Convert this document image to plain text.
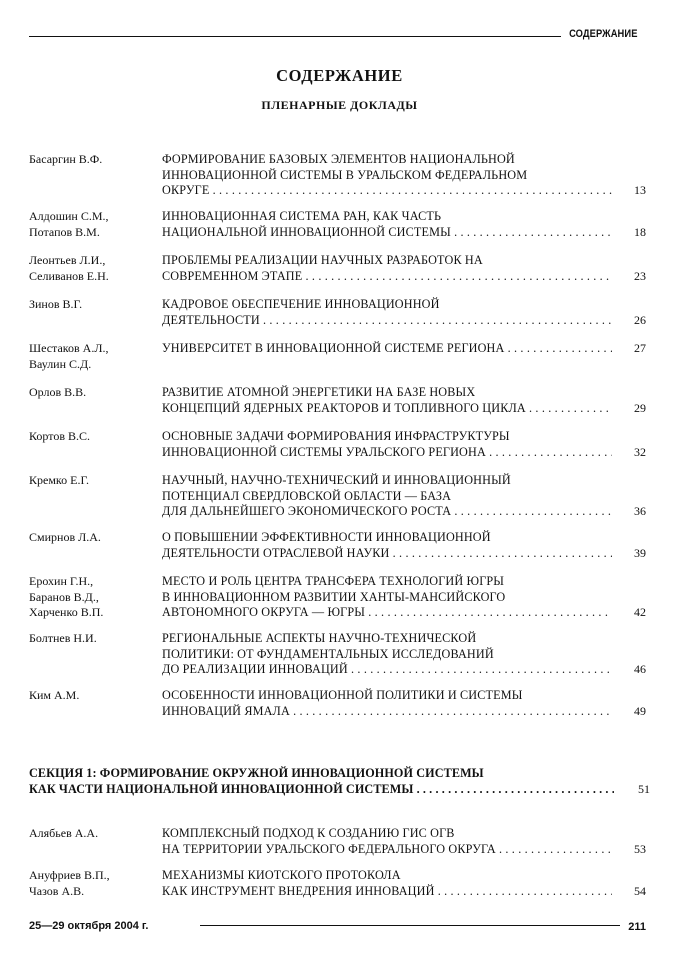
СОДЕРЖАНИЕ
СОДЕРЖАНИЕ
ПЛЕНАРНЫЕ ДОКЛАДЫ
Басаргин В.Ф.	ФОРМИРОВАНИЕ БАЗОВЫХ ЭЛЕМЕНТОВ НАЦИОНАЛЬНОЙ
ИННОВАЦИОННОЙ СИСТЕМЫ В УРАЛЬСКОМ ФЕДЕРАЛЬНОМ
ОКРУГЕ . . .	13
Алдошин С.М.,
Потапов В.М.
ИННОВАЦИОННАЯ СИСТЕМА РАН, КАК ЧАСТЬ
НАЦИОНАЛЬНОЙ ИННОВАЦИОННОЙ СИСТЕМЫ . . .	18
Леонтьев Л.И.,
Селиванов Е.Н.
ПРОБЛЕМЫ РЕАЛИЗАЦИИ НАУЧНЫХ РАЗРАБОТОК НА
СОВРЕМЕННОМ ЭТАПЕ . . .	23
Зинов В.Г.	КАДРОВОЕ ОБЕСПЕЧЕНИЕ ИННОВАЦИОННОЙ
ДЕЯТЕЛЬНОСТИ . . .	26
Шестаков А.Л.,
Ваулин С.Д.
УНИВЕРСИТЕТ В ИННОВАЦИОННОЙ СИСТЕМЕ РЕГИОНА . . .	27
Орлов В.В.	РАЗВИТИЕ АТОМНОЙ ЭНЕРГЕТИКИ НА БАЗЕ НОВЫХ
КОНЦЕПЦИЙ ЯДЕРНЫХ РЕАКТОРОВ И ТОПЛИВНОГО ЦИКЛА . . .	29
Кортов В.С.	ОСНОВНЫЕ ЗАДАЧИ ФОРМИРОВАНИЯ ИНФРАСТРУКТУРЫ
ИННОВАЦИОННОЙ СИСТЕМЫ УРАЛЬСКОГО РЕГИОНА . . .	32
Кремко Е.Г.	НАУЧНЫЙ, НАУЧНО-ТЕХНИЧЕСКИЙ И ИННОВАЦИОННЫЙ
ПОТЕНЦИАЛ СВЕРДЛОВСКОЙ ОБЛАСТИ — БАЗА
ДЛЯ ДАЛЬНЕЙШЕГО ЭКОНОМИЧЕСКОГО РОСТА . . .	36
Смирнов Л.А.	О ПОВЫШЕНИИ ЭФФЕКТИВНОСТИ ИННОВАЦИОННОЙ
ДЕЯТЕЛЬНОСТИ ОТРАСЛЕВОЙ НАУКИ . . .	39
Ерохин Г.Н.,
Баранов В.Д.,
Харченко В.П.
МЕСТО И РОЛЬ ЦЕНТРА ТРАНСФЕРА ТЕХНОЛОГИЙ ЮГРЫ
В ИННОВАЦИОННОМ РАЗВИТИИ ХАНТЫ-МАНСИЙСКОГО
АВТОНОМНОГО ОКРУГА — ЮГРЫ . . .	42
Болтнев Н.И.	РЕГИОНАЛЬНЫЕ АСПЕКТЫ НАУЧНО-ТЕХНИЧЕСКОЙ
ПОЛИТИКИ: ОТ ФУНДАМЕНТАЛЬНЫХ ИССЛЕДОВАНИЙ
ДО РЕАЛИЗАЦИИ ИННОВАЦИЙ . . .	46
Ким А.М.	ОСОБЕННОСТИ ИННОВАЦИОННОЙ ПОЛИТИКИ И СИСТЕМЫ
ИННОВАЦИЙ ЯМАЛА . . .	49
СЕКЦИЯ 1: ФОРМИРОВАНИЕ ОКРУЖНОЙ ИННОВАЦИОННОЙ СИСТЕМЫ
КАК ЧАСТИ НАЦИОНАЛЬНОЙ ИННОВАЦИОННОЙ СИСТЕМЫ . . .	51
Алябьев А.А.	КОМПЛЕКСНЫЙ ПОДХОД К СОЗДАНИЮ ГИС ОГВ
НА ТЕРРИТОРИИ УРАЛЬСКОГО ФЕДЕРАЛЬНОГО ОКРУГА . . .	53
Ануфриев В.П.,
Чазов А.В.
МЕХАНИЗМЫ КИОТСКОГО ПРОТОКОЛА
КАК ИНСТРУМЕНТ ВНЕДРЕНИЯ ИННОВАЦИЙ . . .	54
25—29 октября 2004 г.	211
